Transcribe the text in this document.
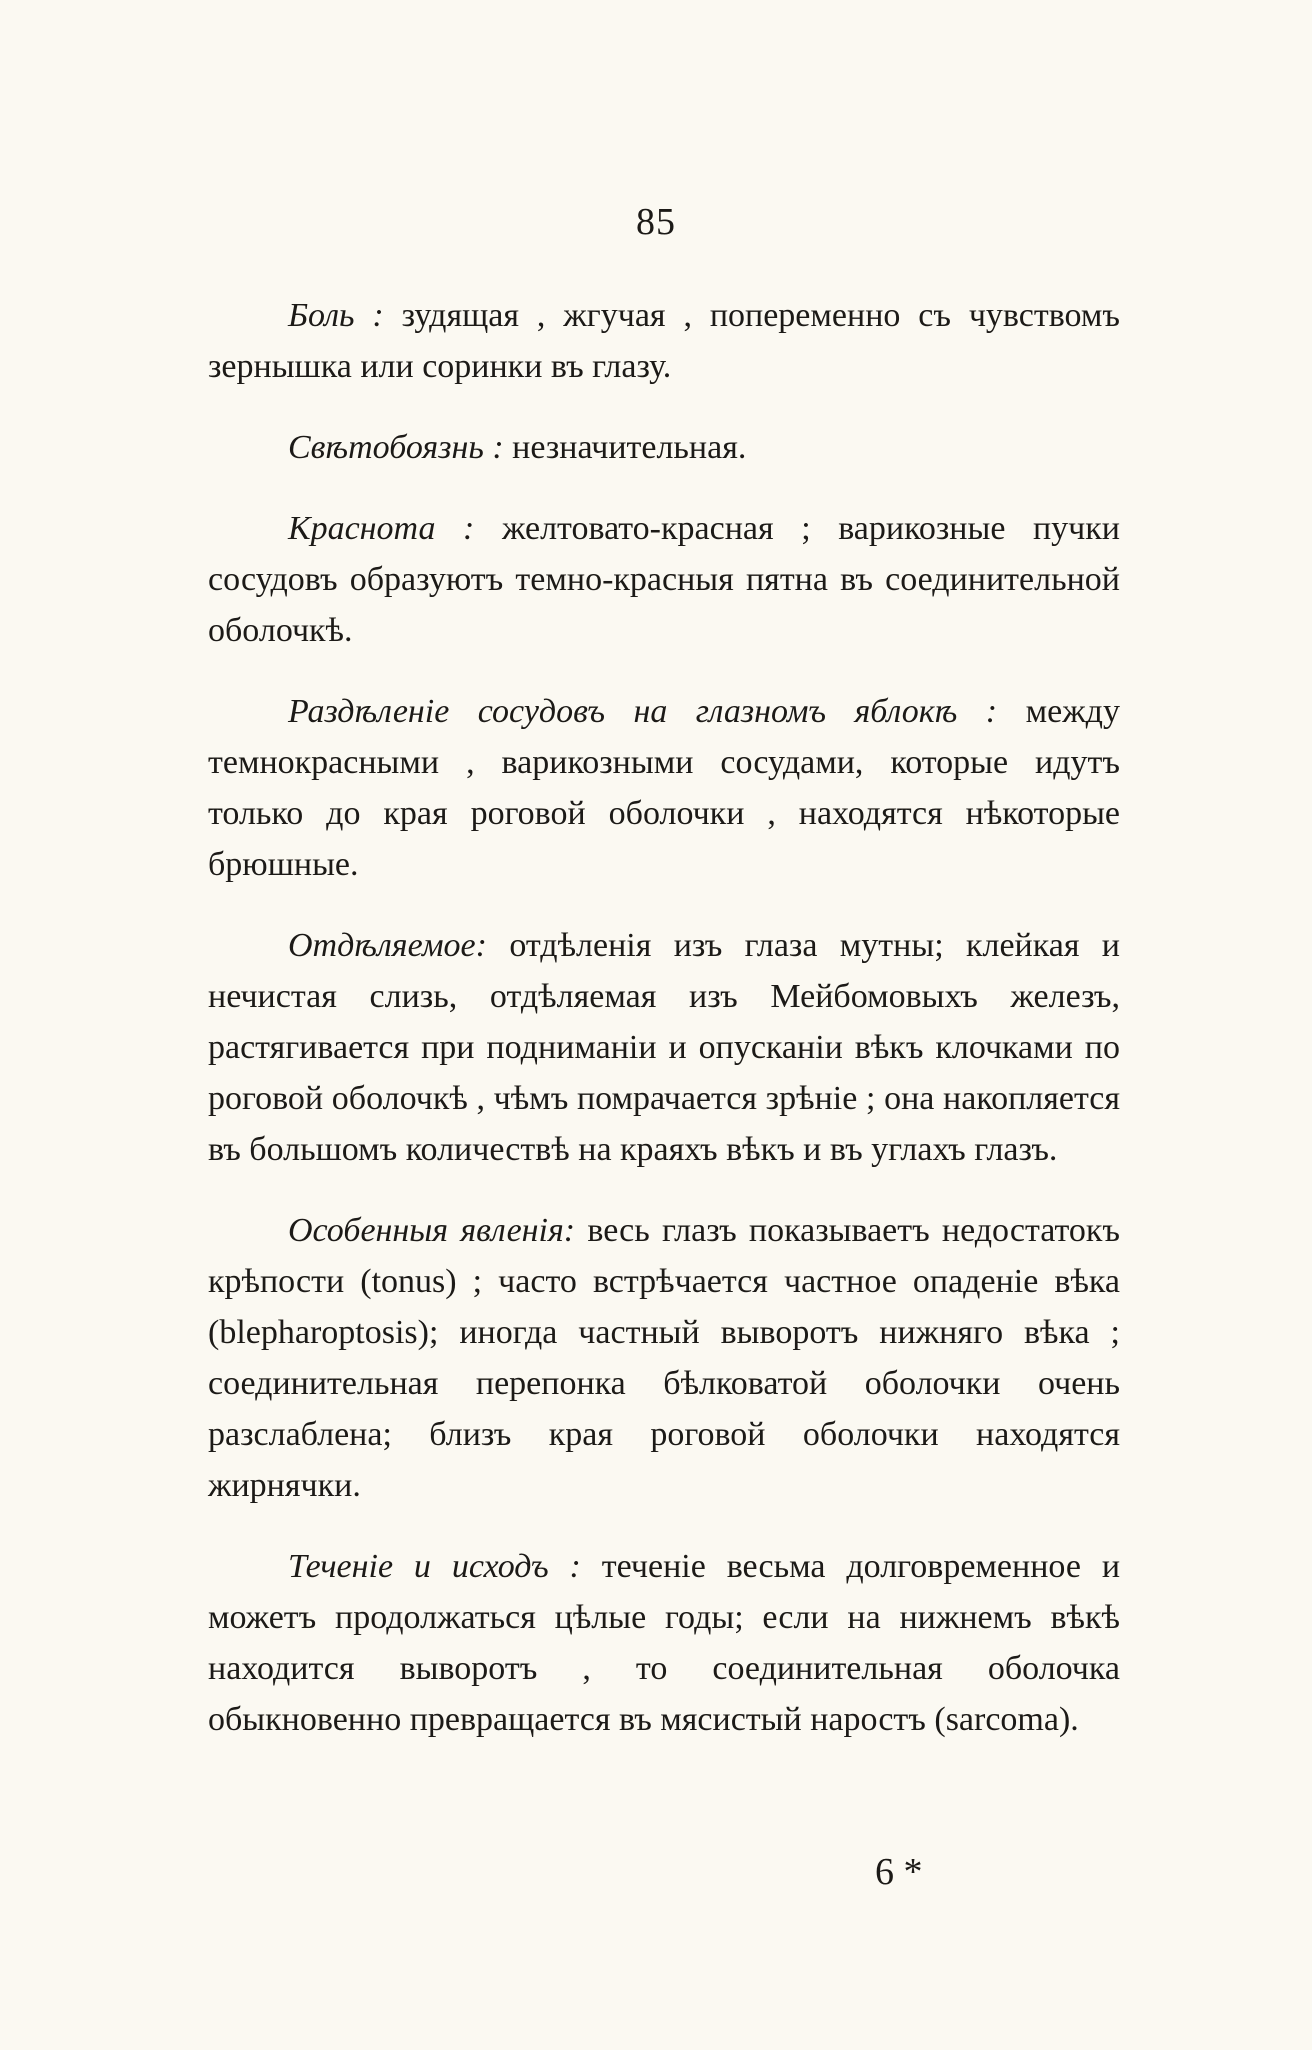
85

Боль : зудящая , жгучая , попеременно съ чувствомъ зернышка или соринки въ глазу.

Свѣтобоязнь : незначительная.

Краснота : желтовато-красная ; варикозные пучки сосудовъ образуютъ темно-красныя пятна въ соединительной оболочкѣ.

Раздѣленіе сосудовъ на глазномъ яблокѣ : между темнокрасными , варикозными сосудами, которые идутъ только до края роговой оболочки , находятся нѣкоторые брюшные.

Отдѣляемое: отдѣленія изъ глаза мутны; клейкая и нечистая слизь, отдѣляемая изъ Мейбомовыхъ железъ, растягивается при подниманіи и опусканіи вѣкъ клочками по роговой оболочкѣ , чѣмъ помрачается зрѣніе ; она накопляется въ большомъ количествѣ на краяхъ вѣкъ и въ углахъ глазъ.

Особенныя явленія: весь глазъ показываетъ недостатокъ крѣпости (tonus) ; часто встрѣчается частное опаденіе вѣка (blepharoptosis); иногда частный выворотъ нижняго вѣка ; соединительная перепонка бѣлковатой оболочки очень разслаблена; близъ края роговой оболочки находятся жирнячки.

Теченіе и исходъ : теченіе весьма долговременное и можетъ продолжаться цѣлые годы; если на нижнемъ вѣкѣ находится выворотъ , то соединительная оболочка обыкновенно превращается въ мясистый наростъ (sarcoma).

6 *
